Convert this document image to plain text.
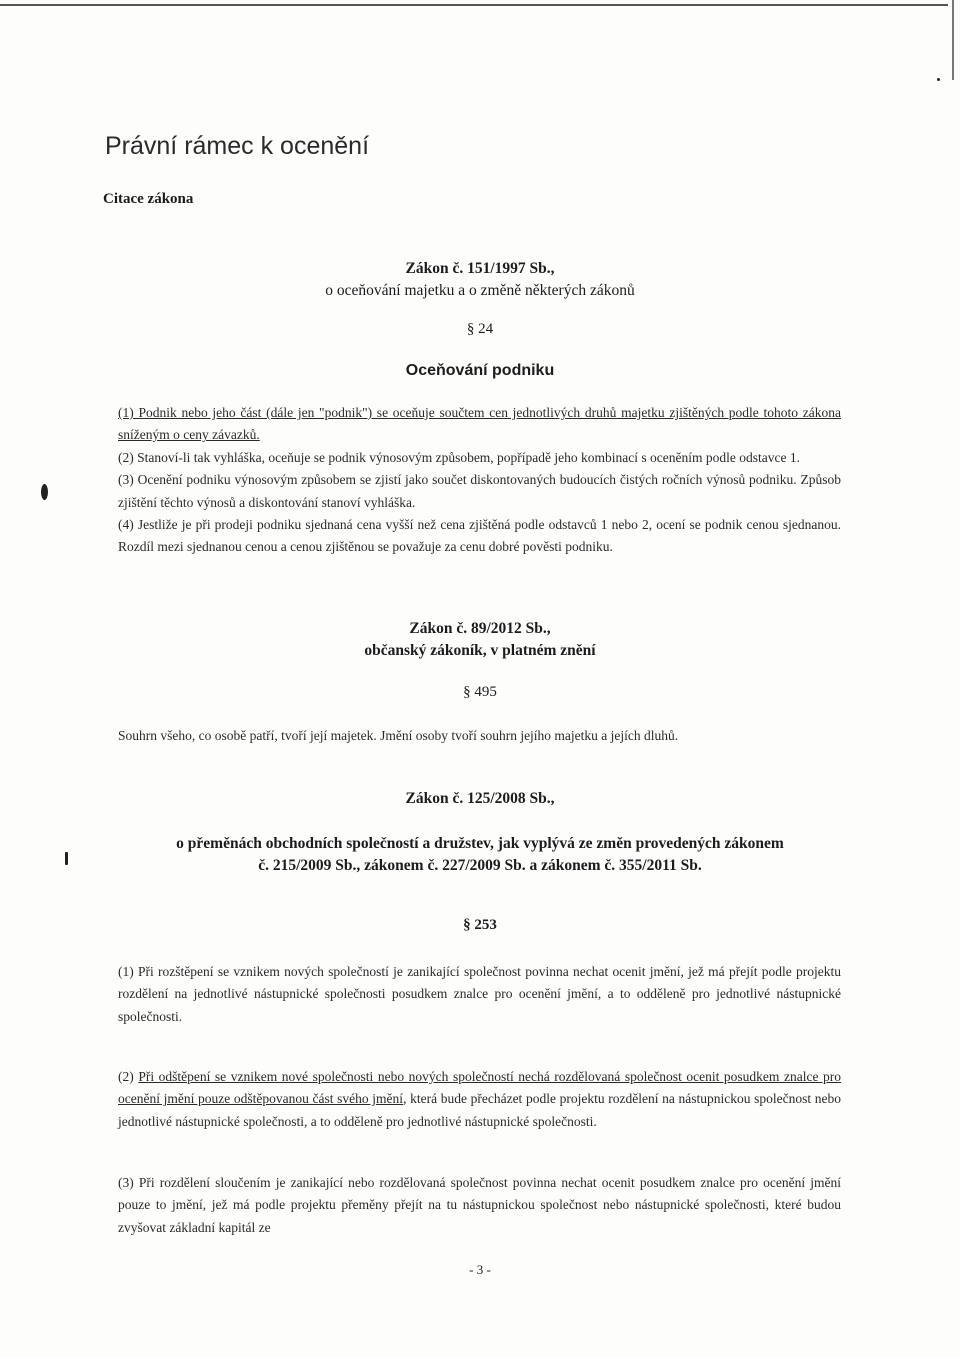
Právní rámec k ocenění
Citace zákona
Zákon č. 151/1997 Sb.,
o oceňování majetku a o změně některých zákonů
§ 24
Oceňování podniku

(1) Podnik nebo jeho část (dále jen "podnik") se oceňuje součtem cen jednotlivých druhů majetku zjištěných podle tohoto zákona sníženým o ceny závazků.

(2) Stanoví-li tak vyhláška, oceňuje se podnik výnosovým způsobem, popřípadě jeho kombinací s oceněním podle odstavce 1.

(3) Ocenění podniku výnosovým způsobem se zjistí jako součet diskontovaných budoucích čistých ročních výnosů podniku. Způsob zjištění těchto výnosů a diskontování stanoví vyhláška.

(4) Jestliže je při prodeji podniku sjednaná cena vyšší než cena zjištěná podle odstavců 1 nebo 2, ocení se podnik cenou sjednanou. Rozdíl mezi sjednanou cenou a cenou zjištěnou se považuje za cenu dobré pověsti podniku.

Zákon č. 89/2012 Sb.,
občanský zákoník, v platném znění
§ 495

Souhrn všeho, co osobě patří, tvoří její majetek. Jmění osoby tvoří souhrn jejího majetku a jejích dluhů.

Zákon č. 125/2008 Sb.,
o přeměnách obchodních společností a družstev, jak vyplývá ze změn provedených zákonem
č. 215/2009 Sb., zákonem č. 227/2009 Sb. a zákonem č. 355/2011 Sb.
§ 253
(1) Při rozštěpení se vznikem nových společností je zanikající společnost povinna nechat ocenit jmění, jež má přejít podle projektu rozdělení na jednotlivé nástupnické společnosti posudkem znalce pro ocenění jmění, a to odděleně pro jednotlivé nástupnické společnosti.
(2) Při odštěpení se vznikem nové společnosti nebo nových společností nechá rozdělovaná společnost ocenit posudkem znalce pro ocenění jmění pouze odštěpovanou část svého jmění, která bude přecházet podle projektu rozdělení na nástupnickou společnost nebo jednotlivé nástupnické společnosti, a to odděleně pro jednotlivé nástupnické společnosti.
(3) Při rozdělení sloučením je zanikající nebo rozdělovaná společnost povinna nechat ocenit posudkem znalce pro ocenění jmění pouze to jmění, jež má podle projektu přeměny přejít na tu nástupnickou společnost nebo nástupnické společnosti, které budou zvyšovat základní kapitál ze
- 3 -
